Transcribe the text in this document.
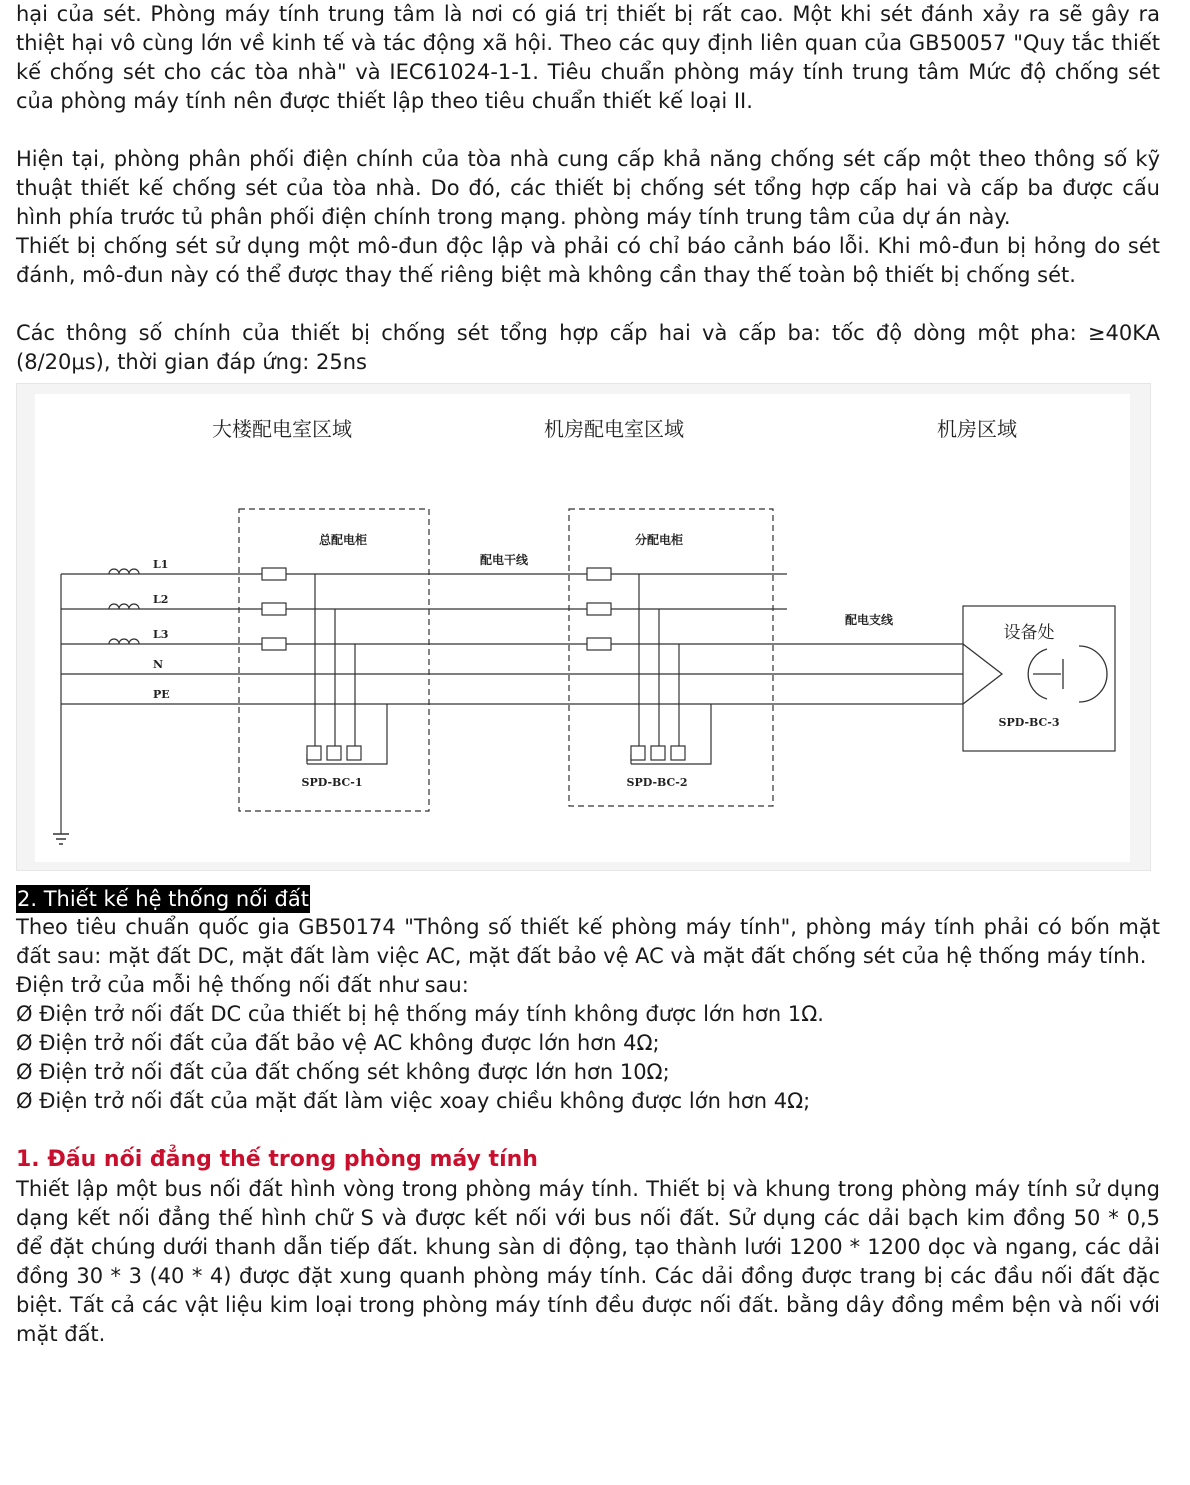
hại của sét. Phòng máy tính trung tâm là nơi có giá trị thiết bị rất cao. Một khi sét đánh xảy ra sẽ gây ra thiệt hại vô cùng lớn về kinh tế và tác động xã hội. Theo các quy định liên quan của GB50057 "Quy tắc thiết kế chống sét cho các tòa nhà" và IEC61024-1-1. Tiêu chuẩn phòng máy tính trung tâm Mức độ chống sét của phòng máy tính nên được thiết lập theo tiêu chuẩn thiết kế loại II.

Hiện tại, phòng phân phối điện chính của tòa nhà cung cấp khả năng chống sét cấp một theo thông số kỹ thuật thiết kế chống sét của tòa nhà. Do đó, các thiết bị chống sét tổng hợp cấp hai và cấp ba được cấu hình phía trước tủ phân phối điện chính trong mạng. phòng máy tính trung tâm của dự án này.

Thiết bị chống sét sử dụng một mô-đun độc lập và phải có chỉ báo cảnh báo lỗi. Khi mô-đun bị hỏng do sét đánh, mô-đun này có thể được thay thế riêng biệt mà không cần thay thế toàn bộ thiết bị chống sét.

Các thông số chính của thiết bị chống sét tổng hợp cấp hai và cấp ba: tốc độ dòng một pha: ≥40KA (8/20μs), thời gian đáp ứng: 25ns

大楼配电室区域	机房配电室区域	机房区域
总配电柜	分配电柜
配电干线
配电支线
L1
L2
L3
N
PE
SPD-BC-1	SPD-BC-2
设备处
SPD-BC-3
2. Thiết kế hệ thống nối đất

Theo tiêu chuẩn quốc gia GB50174 "Thông số thiết kế phòng máy tính", phòng máy tính phải có bốn mặt đất sau: mặt đất DC, mặt đất làm việc AC, mặt đất bảo vệ AC và mặt đất chống sét của hệ thống máy tính.

Điện trở của mỗi hệ thống nối đất như sau:

Ø Điện trở nối đất DC của thiết bị hệ thống máy tính không được lớn hơn 1Ω.

Ø Điện trở nối đất của đất bảo vệ AC không được lớn hơn 4Ω;

Ø Điện trở nối đất của đất chống sét không được lớn hơn 10Ω;

Ø Điện trở nối đất của mặt đất làm việc xoay chiều không được lớn hơn 4Ω;

1. Đấu nối đẳng thế trong phòng máy tính

Thiết lập một bus nối đất hình vòng trong phòng máy tính. Thiết bị và khung trong phòng máy tính sử dụng dạng kết nối đẳng thế hình chữ S và được kết nối với bus nối đất. Sử dụng các dải bạch kim đồng 50 * 0,5 để đặt chúng dưới thanh dẫn tiếp đất. khung sàn di động, tạo thành lưới 1200 * 1200 dọc và ngang, các dải đồng 30 * 3 (40 * 4) được đặt xung quanh phòng máy tính. Các dải đồng được trang bị các đầu nối đất đặc biệt. Tất cả các vật liệu kim loại trong phòng máy tính đều được nối đất. bằng dây đồng mềm bện và nối với mặt đất.
